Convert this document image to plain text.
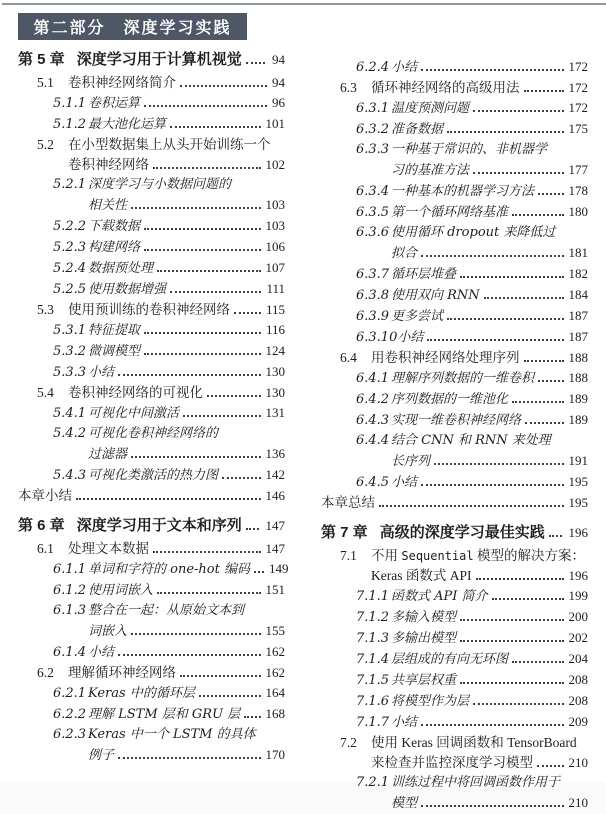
第二部分　深度学习实践
第 5 章 深度学习用于计算机视觉 94
5.1	卷积神经网络简介	94
5.1.1 卷积运算	96
5.1.2 最大池化运算	101
5.2	在小型数据集上从头开始训练一个
卷积神经网络	102
5.2.1 深度学习与小数据问题的
相关性	103
5.2.2 下载数据	103
5.2.3 构建网络	106
5.2.4 数据预处理	107
5.2.5 使用数据增强	111
5.3	使用预训练的卷积神经网络	115
5.3.1 特征提取	116
5.3.2 微调模型	124
5.3.3 小结	130
5.4	卷积神经网络的可视化	130
5.4.1 可视化中间激活	131
5.4.2 可视化卷积神经网络的
过滤器	136
5.4.3 可视化类激活的热力图	142
本章小结	146
第 6 章 深度学习用于文本和序列 147
6.1	处理文本数据	147
6.1.1 单词和字符的 one-hot 编码 149
6.1.2 使用词嵌入	151
6.1.3 整合在一起：从原始文本到
词嵌入	155
6.1.4 小结	162
6.2	理解循环神经网络	162
6.2.1 Keras 中的循环层	164
6.2.2 理解 LSTM 层和 GRU 层 168
6.2.3 Keras 中一个 LSTM 的具体
例子	170
6.2.4 小结	172
6.3	循环神经网络的高级用法	172
6.3.1 温度预测问题	172
6.3.2 准备数据	175
6.3.3 一种基于常识的、非机器学
习的基准方法	177
6.3.4 一种基本的机器学习方法	178
6.3.5 第一个循环网络基准	180
6.3.6 使用循环 dropout 来降低过
拟合	181
6.3.7 循环层堆叠	182
6.3.8 使用双向 RNN	184
6.3.9 更多尝试	187
6.3.10 小结	187
6.4	用卷积神经网络处理序列	188
6.4.1 理解序列数据的一维卷积	188
6.4.2 序列数据的一维池化	189
6.4.3 实现一维卷积神经网络	189
6.4.4 结合 CNN 和 RNN 来处理
长序列	191
6.4.5 小结	195
本章总结	195
第 7 章 高级的深度学习最佳实践 196
7.1	不用 Sequential 模型的解决方案：
Keras 函数式 API	196
7.1.1 函数式 API 简介	199
7.1.2 多输入模型	200
7.1.3 多输出模型	202
7.1.4 层组成的有向无环图	204
7.1.5 共享层权重	208
7.1.6 将模型作为层	208
7.1.7 小结	209
7.2	使用 Keras 回调函数和 TensorBoard
来检查并监控深度学习模型	210
7.2.1 训练过程中将回调函数作用于
模型	210
